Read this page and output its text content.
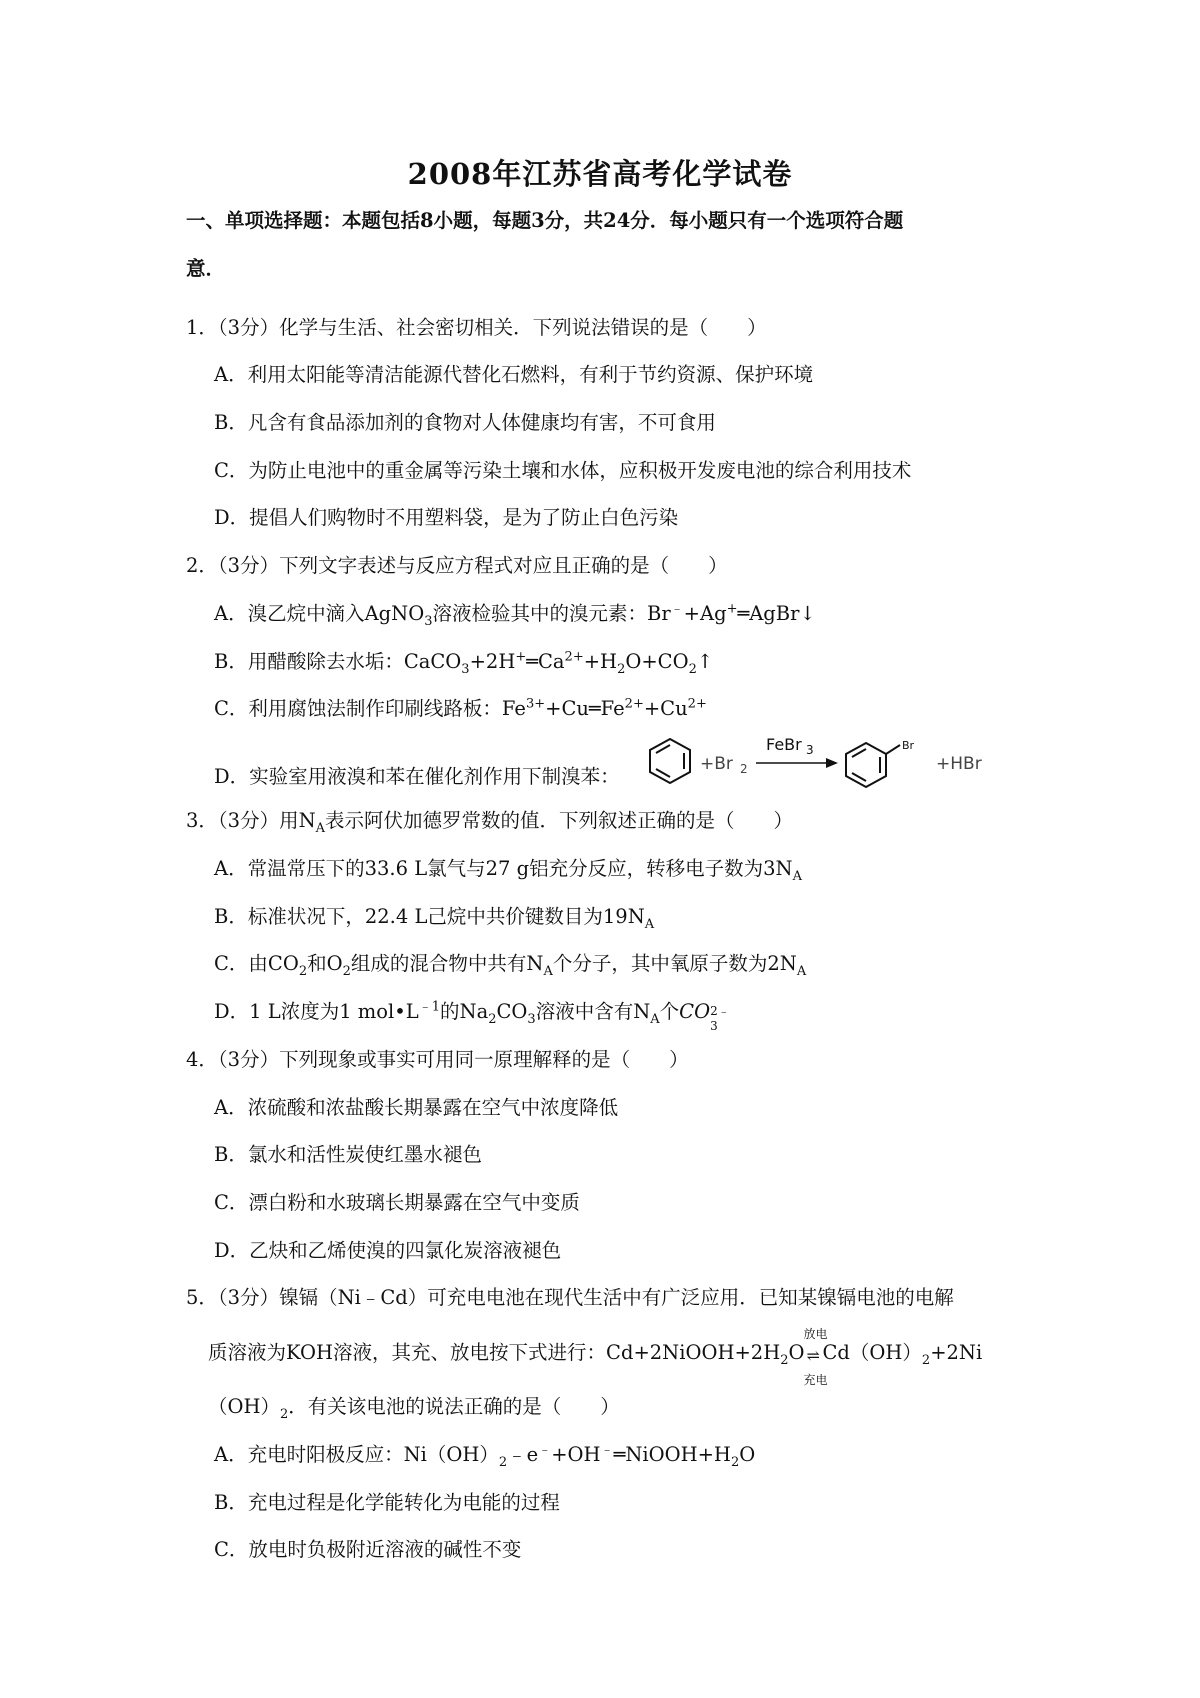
2008年江苏省高考化学试卷
一、单项选择题：本题包括8小题，每题3分，共24分．每小题只有一个选项符合题
意．
1．（3分）化学与生活、社会密切相关．下列说法错误的是（　　）
A．利用太阳能等清洁能源代替化石燃料，有利于节约资源、保护环境
B．凡含有食品添加剂的食物对人体健康均有害，不可食用
C．为防止电池中的重金属等污染土壤和水体，应积极开发废电池的综合利用技术
D．提倡人们购物时不用塑料袋，是为了防止白色污染
2．（3分）下列文字表述与反应方程式对应且正确的是（　　）
A．溴乙烷中滴入AgNO$_3$溶液检验其中的溴元素：Br﹣+Ag+═AgBr↓
B．用醋酸除去水垢：$CaCO_3+2H^+═Ca^{2+}+H_2O+CO_2↑$
C．利用腐蚀法制作印刷线路板：$Fe^{3+}+Cu═Fe^{2+}+Cu^{2+}$
D．实验室用液溴和苯在催化剂作用下制溴苯：
+Br 2
FeBr 3	Br
+HBr
3．（3分）用$N_A$表示阿伏加德罗常数的值．下列叙述正确的是（　　）
A．常温常压下的33.6 L氯气与27 g铝充分反应，转移电子数为$3N_A$
B．标准状况下，22.4 L己烷中共价键数目为$19N_A$
C．由$CO_2$和$O_2$组成的混合物中共有$N_A$个分子，其中氧原子数为$2N_A$
D．1 L浓度为1 $mol•L^{﹣1}$的$Na_2CO_3$溶液中含有$N_A$个CO 2﹣
3
4．（3分）下列现象或事实可用同一原理解释的是（　　）
A．浓硫酸和浓盐酸长期暴露在空气中浓度降低
B．氯水和活性炭使红墨水褪色
C．漂白粉和水玻璃长期暴露在空气中变质
D．乙炔和乙烯使溴的四氯化炭溶液褪色
5．（3分）镍镉（Ni﹣Cd）可充电电池在现代生活中有广泛应用．已知某镍镉电池的电解
质溶液为KOH溶液，其充、放电按下式进行：$Cd+2NiOOH+2H_2O$
放电
⇌
充电
$Cd(OH)_2+2Ni$
$(OH)_2$．有关该电池的说法正确的是（　　）
A．充电时阳极反应：$Ni(OH)_2﹣e^﹣+OH^﹣═NiOOH+H_2O$
B．充电过程是化学能转化为电能的过程
C．放电时负极附近溶液的碱性不变
